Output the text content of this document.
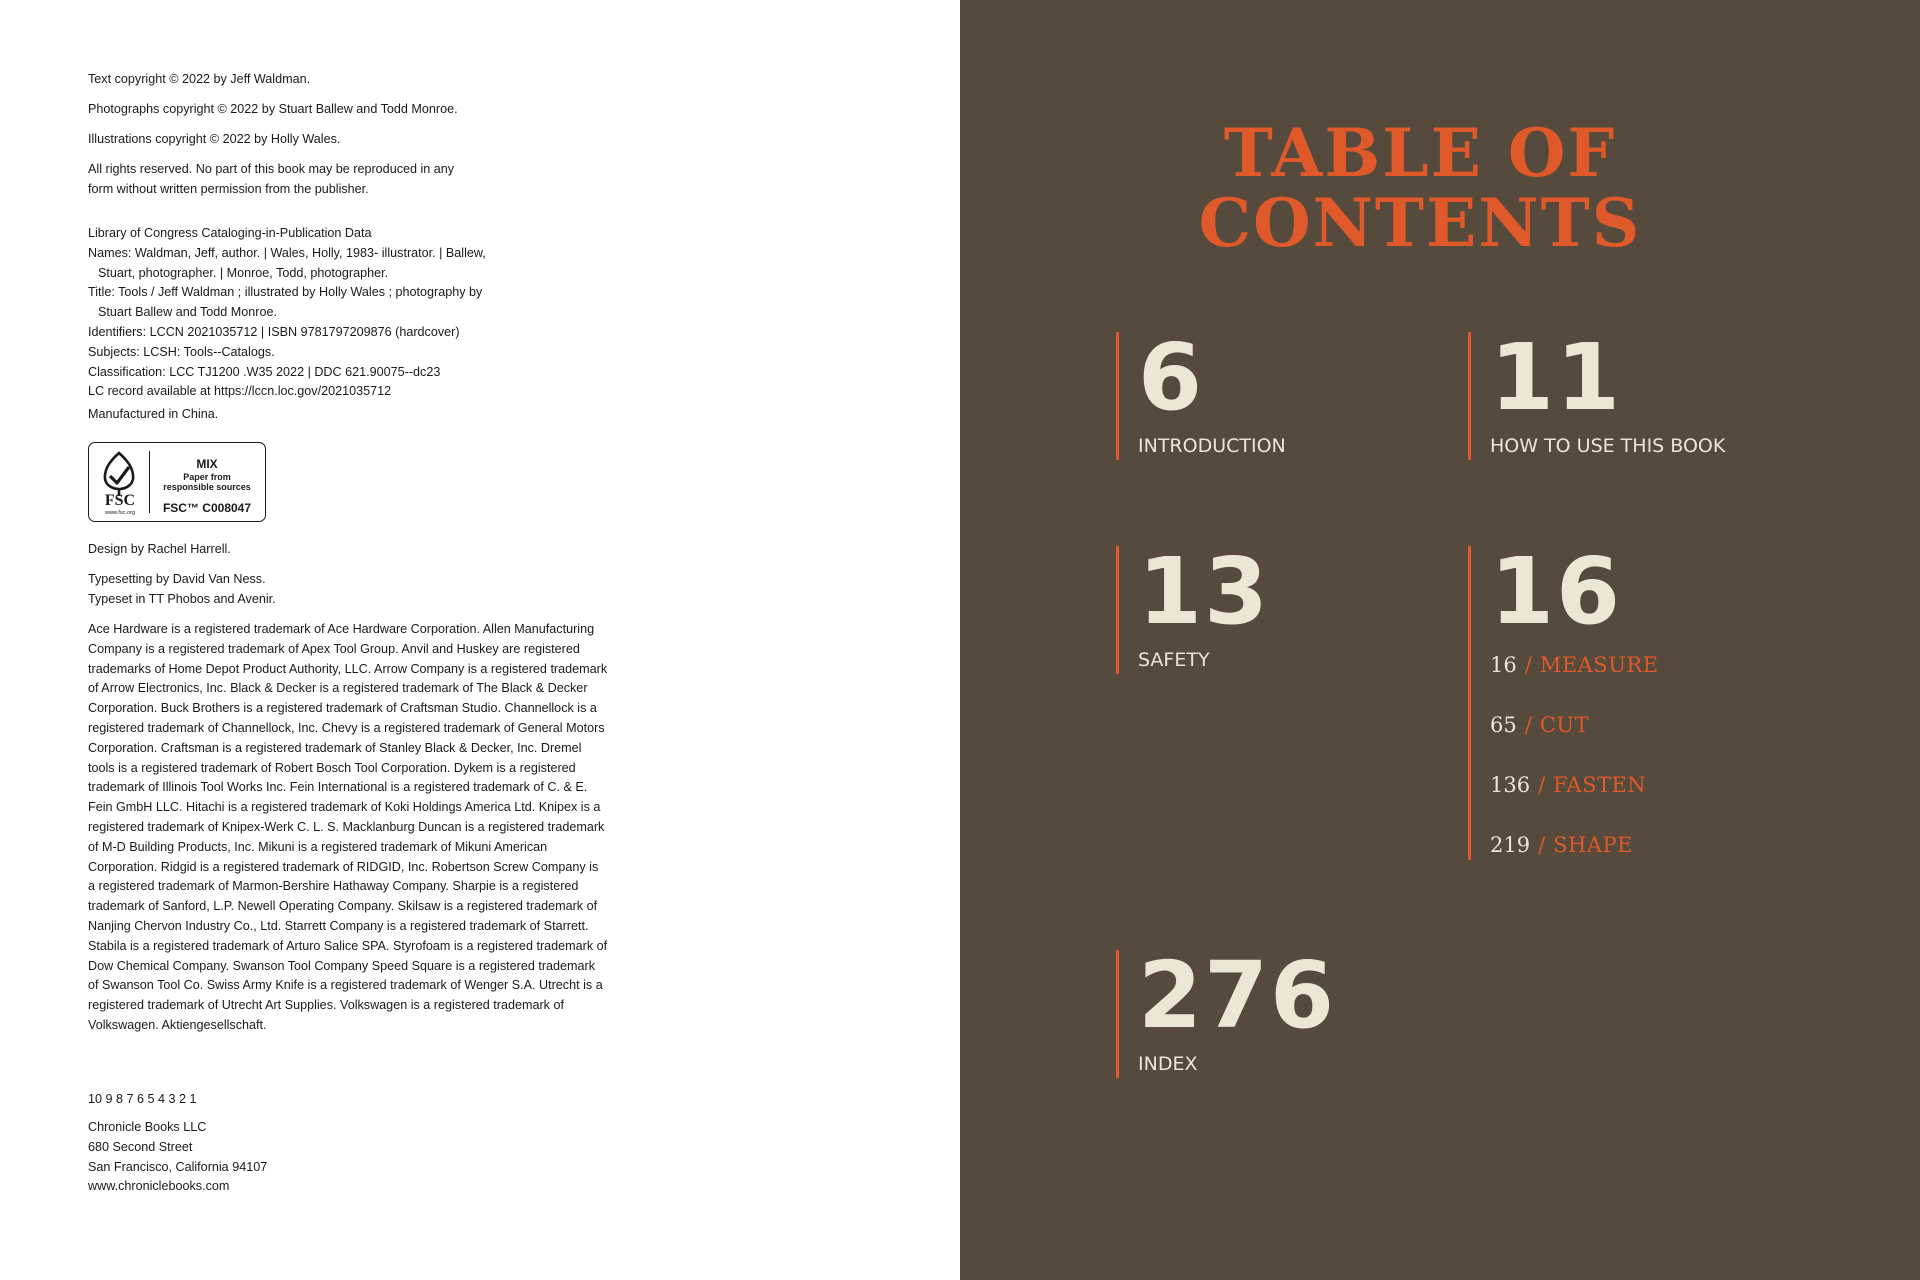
Text copyright © 2022 by Jeff Waldman.

Photographs copyright © 2022 by Stuart Ballew and Todd Monroe.

Illustrations copyright © 2022 by Holly Wales.

All rights reserved. No part of this book may be reproduced in any
form without written permission from the publisher.
Library of Congress Cataloging-in-Publication Data
Names: Waldman, Jeff, author. | Wales, Holly, 1983- illustrator. | Ballew,
Stuart, photographer. | Monroe, Todd, photographer.
Title: Tools / Jeff Waldman ; illustrated by Holly Wales ; photography by
Stuart Ballew and Todd Monroe.
Identifiers: LCCN 2021035712 | ISBN 9781797209876 (hardcover)
Subjects: LCSH: Tools--Catalogs.
Classification: LCC TJ1200 .W35 2022 | DDC 621.90075--dc23
LC record available at https://lccn.loc.gov/2021035712

Manufactured in China.

FSC
www.fsc.org
MIX
Paper from
responsible sources
FSC™ C008047

Design by Rachel Harrell.

Typesetting by David Van Ness.
Typeset in TT Phobos and Avenir.

Ace Hardware is a registered trademark of Ace Hardware Corporation. Allen Manufacturing Company is a registered trademark of Apex Tool Group. Anvil and Huskey are registered trademarks of Home Depot Product Authority, LLC. Arrow Company is a registered trademark of Arrow Electronics, Inc. Black & Decker is a registered trademark of The Black & Decker Corporation. Buck Brothers is a registered trademark of Craftsman Studio. Channellock is a registered trademark of Channellock, Inc. Chevy is a registered trademark of General Motors Corporation. Craftsman is a registered trademark of Stanley Black & Decker, Inc. Dremel tools is a registered trademark of Robert Bosch Tool Corporation. Dykem is a registered trademark of Illinois Tool Works Inc. Fein International is a registered trademark of C. & E. Fein GmbH LLC. Hitachi is a registered trademark of Koki Holdings America Ltd. Knipex is a registered trademark of Knipex-Werk C. L. S. Macklanburg Duncan is a registered trademark of M-D Building Products, Inc. Mikuni is a registered trademark of Mikuni American Corporation. Ridgid is a registered trademark of RIDGID, Inc. Robertson Screw Company is a registered trademark of Marmon-Bershire Hathaway Company. Sharpie is a registered trademark of Sanford, L.P. Newell Operating Company. Skilsaw is a registered trademark of Nanjing Chervon Industry Co., Ltd. Starrett Company is a registered trademark of Starrett. Stabila is a registered trademark of Arturo Salice SPA. Styrofoam is a registered trademark of Dow Chemical Company. Swanson Tool Company Speed Square is a registered trademark of Swanson Tool Co. Swiss Army Knife is a registered trademark of Wenger S.A. Utrecht is a registered trademark of Utrecht Art Supplies. Volkswagen is a registered trademark of Volkswagen. Aktiengesellschaft.

10 9 8 7 6 5 4 3 2 1

Chronicle Books LLC
680 Second Street
San Francisco, California 94107
www.chroniclebooks.com
TABLE OF
CONTENTS
6
INTRODUCTION
11
HOW TO USE THIS BOOK
13
SAFETY
16
16 / MEASURE
65 / CUT
136 / FASTEN
219 / SHAPE
276
INDEX
